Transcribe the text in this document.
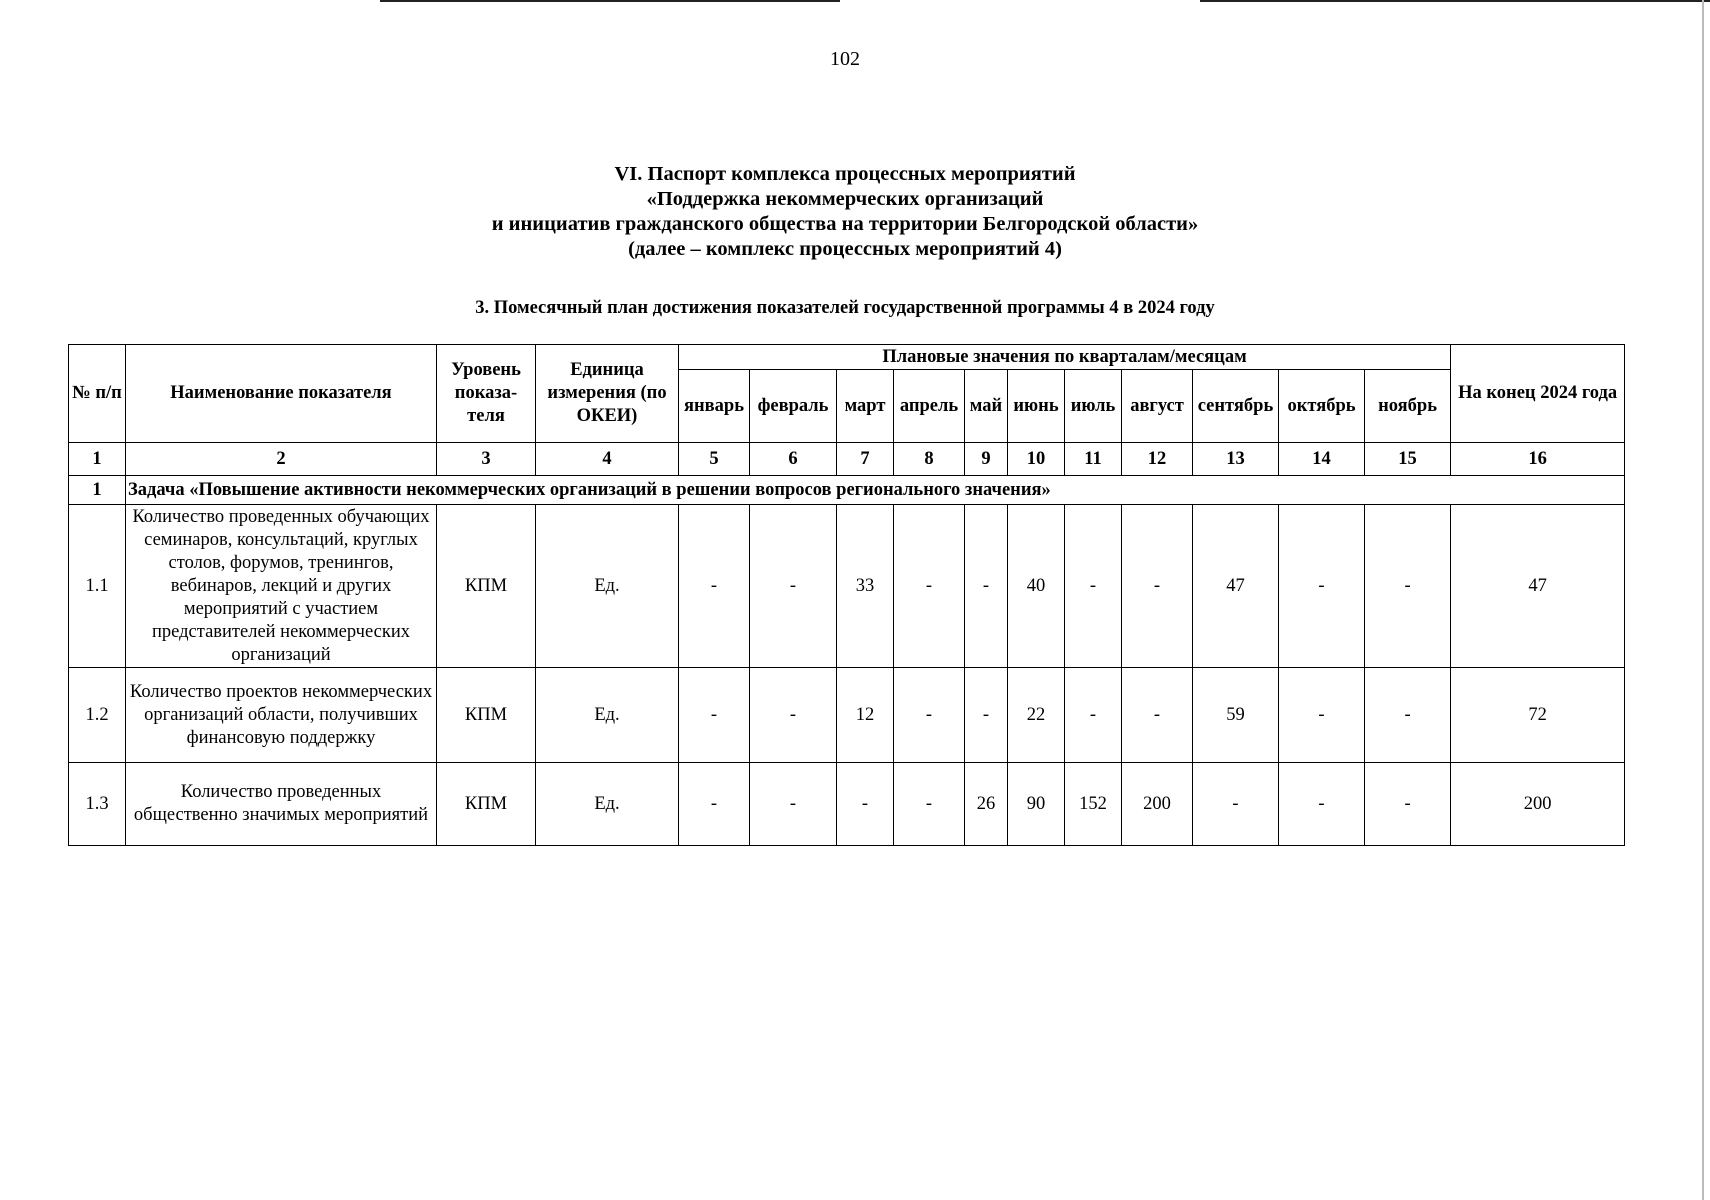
102
VI. Паспорт комплекса процессных мероприятий
«Поддержка некоммерческих организаций
и инициатив гражданского общества на территории Белгородской области»
(далее – комплекс процессных мероприятий 4)
3. Помесячный план достижения показателей государственной программы 4 в 2024 году
№ п/п	Наименование показателя	Уровень показа-теля	Единица измерения (по ОКЕИ)	Плановые значения по кварталам/месяцам											На конец 2024 года
				январь	февраль	март	апрель	май	июнь	июль	август	сентябрь	октябрь	ноябрь	
1	2	3	4	5	6	7	8	9	10	11	12	13	14	15	16
1	Задача «Повышение активности некоммерческих организаций в решении вопросов регионального значения»														
1.1	Количество проведенных обучающих семинаров, консультаций, круглых столов, форумов, тренингов, вебинаров, лекций и других мероприятий с участием представителей некоммерческих организаций	КПМ	Ед.	-	-	33	-	-	40	-	-	47	-	-	47
1.2	Количество проектов некоммерческих организаций области, получивших финансовую поддержку	КПМ	Ед.	-	-	12	-	-	22	-	-	59	-	-	72
1.3	Количество проведенных общественно значимых мероприятий	КПМ	Ед.	-	-	-	-	26	90	152	200	-	-	-	200
